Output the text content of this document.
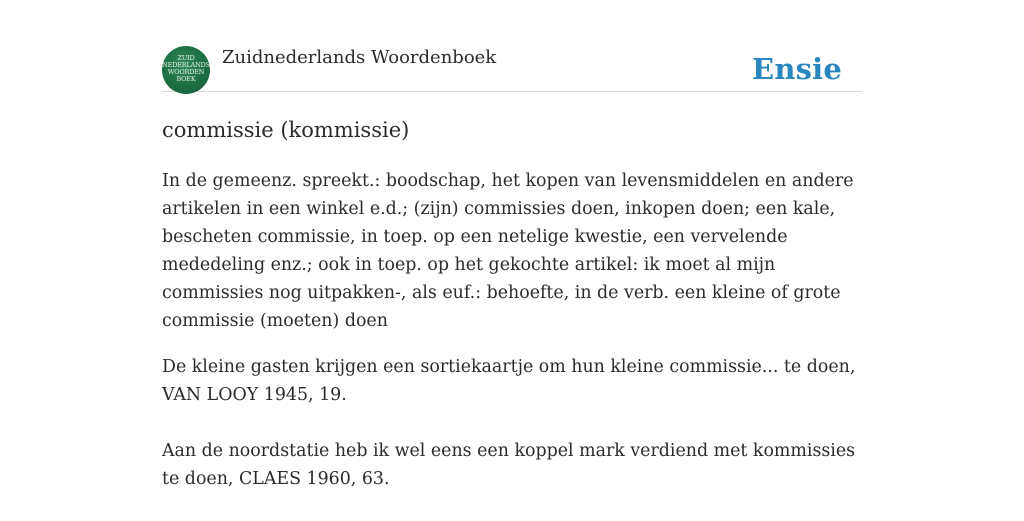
ZUID
NEDERLANDS
WOORDEN
BOEK
Zuidnederlands Woordenboek	Ensie
commissie (kommissie)
In de gemeenz. spreekt.: boodschap, het kopen van levensmiddelen en andere artikelen in een winkel e.d.; (zijn) commissies doen, inkopen doen; een kale, bescheten commissie, in toep. op een netelige kwestie, een vervelende mededeling enz.; ook in toep. op het gekochte artikel: ik moet al mijn commissies nog uitpakken-, als euf.: behoefte, in de verb. een kleine of grote commissie (moeten) doen
De kleine gasten krijgen een sortiekaartje om hun kleine commissie... te doen, VAN LOOY 1945, 19.
Aan de noordstatie heb ik wel eens een koppel mark verdiend met kommissies te doen, CLAES 1960, 63.
